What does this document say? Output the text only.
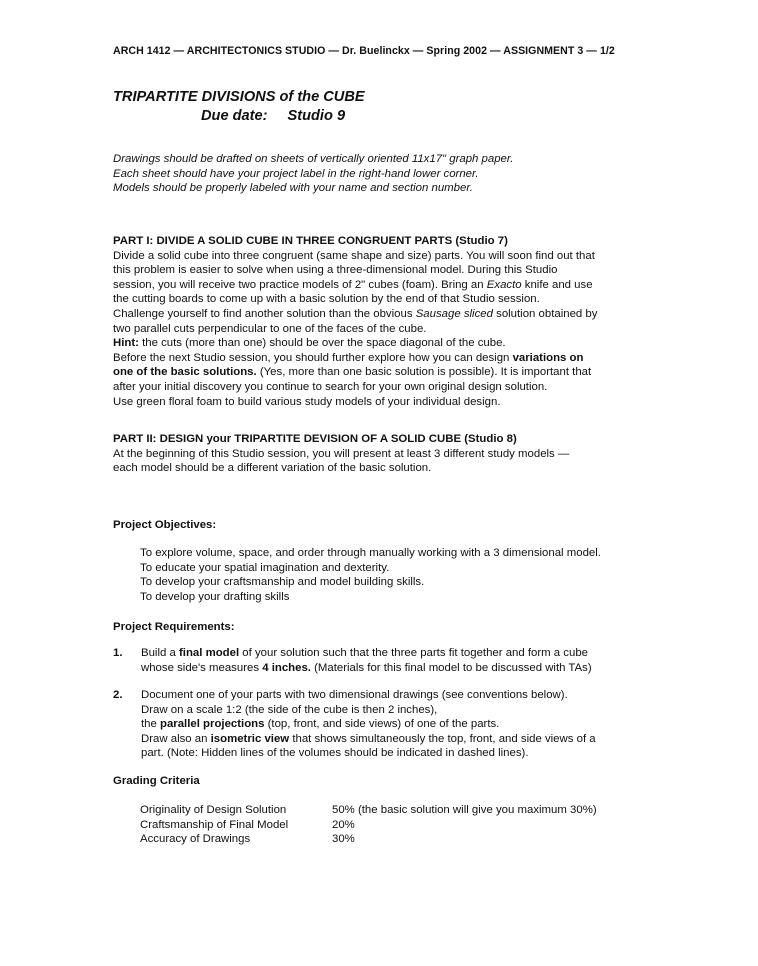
ARCH 1412 — ARCHITECTONICS STUDIO — Dr. Buelinckx — Spring 2002 — ASSIGNMENT 3 — 1/2
TRIPARTITE DIVISIONS of the CUBE
Due date: Studio 9
Drawings should be drafted on sheets of vertically oriented 11x17" graph paper.
Each sheet should have your project label in the right-hand lower corner.
Models should be properly labeled with your name and section number.
PART I: DIVIDE A SOLID CUBE IN THREE CONGRUENT PARTS (Studio 7)
Divide a solid cube into three congruent (same shape and size) parts. You will soon find out that
this problem is easier to solve when using a three-dimensional model. During this Studio
session, you will receive two practice models of 2" cubes (foam). Bring an Exacto knife and use
the cutting boards to come up with a basic solution by the end of that Studio session.
Challenge yourself to find another solution than the obvious Sausage sliced solution obtained by
two parallel cuts perpendicular to one of the faces of the cube.
Hint: the cuts (more than one) should be over the space diagonal of the cube.
Before the next Studio session, you should further explore how you can design variations on
one of the basic solutions. (Yes, more than one basic solution is possible). It is important that
after your initial discovery you continue to search for your own original design solution.
Use green floral foam to build various study models of your individual design.
PART II: DESIGN your TRIPARTITE DEVISION OF A SOLID CUBE (Studio 8)
At the beginning of this Studio session, you will present at least 3 different study models —
each model should be a different variation of the basic solution.
Project Objectives:
To explore volume, space, and order through manually working with a 3 dimensional model.
To educate your spatial imagination and dexterity.
To develop your craftsmanship and model building skills.
To develop your drafting skills
Project Requirements:
1.	Build a final model of your solution such that the three parts fit together and form a cube
whose side's measures 4 inches. (Materials for this final model to be discussed with TAs)
2.	Document one of your parts with two dimensional drawings (see conventions below).
Draw on a scale 1:2 (the side of the cube is then 2 inches),
the parallel projections (top, front, and side views) of one of the parts.
Draw also an isometric view that shows simultaneously the top, front, and side views of a
part. (Note: Hidden lines of the volumes should be indicated in dashed lines).
Grading Criteria
Originality of Design Solution	50% (the basic solution will give you maximum 30%)
Craftsmanship of Final Model	20%
Accuracy of Drawings	30%
